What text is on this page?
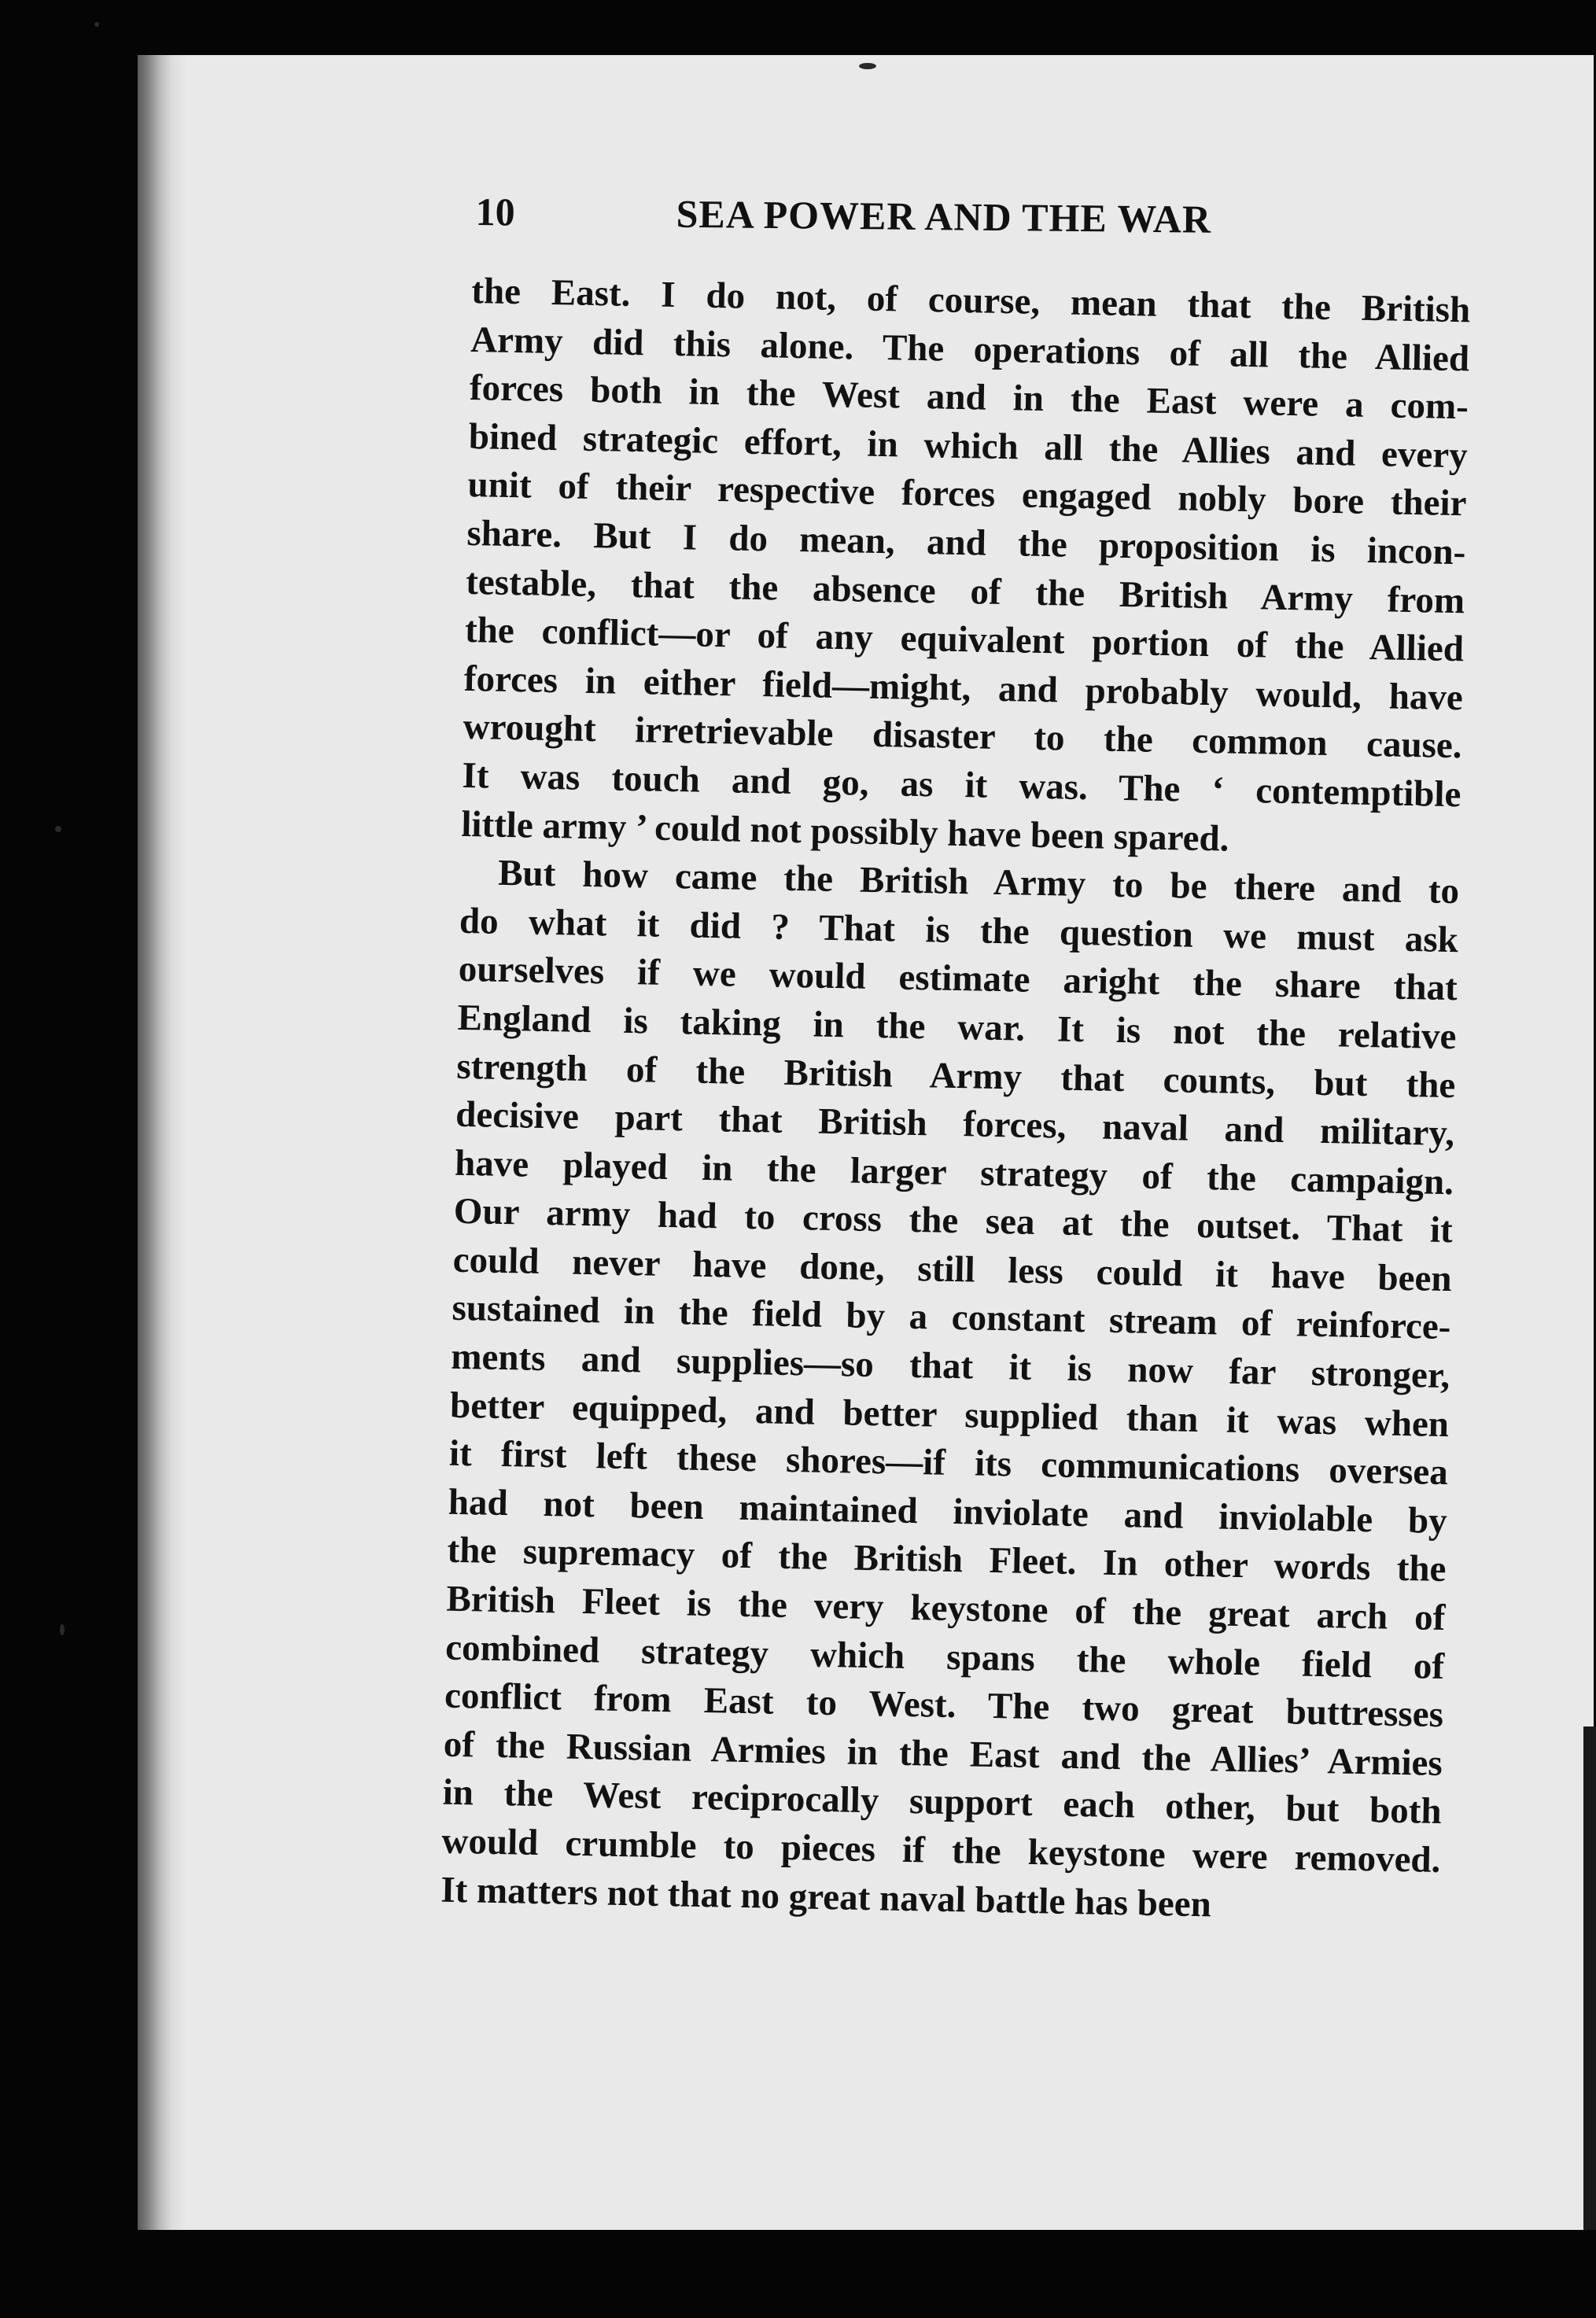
10	SEA POWER AND THE WAR
the East. I do not, of course, mean that the British
Army did this alone. The operations of all the Allied
forces both in the West and in the East were a com-
bined strategic effort, in which all the Allies and every
unit of their respective forces engaged nobly bore their
share. But I do mean, and the proposition is incon-
testable, that the absence of the British Army from
the conflict—or of any equivalent portion of the Allied
forces in either field—might, and probably would, have
wrought irretrievable disaster to the common cause.
It was touch and go, as it was. The ‘ contemptible
little army ’ could not possibly have been spared.
But how came the British Army to be there and to
do what it did ? That is the question we must ask
ourselves if we would estimate aright the share that
England is taking in the war. It is not the relative
strength of the British Army that counts, but the
decisive part that British forces, naval and military,
have played in the larger strategy of the campaign.
Our army had to cross the sea at the outset. That it
could never have done, still less could it have been
sustained in the field by a constant stream of reinforce-
ments and supplies—so that it is now far stronger,
better equipped, and better supplied than it was when
it first left these shores—if its communications oversea
had not been maintained inviolate and inviolable by
the supremacy of the British Fleet. In other words the
British Fleet is the very keystone of the great arch of
combined strategy which spans the whole field of
conflict from East to West. The two great buttresses
of the Russian Armies in the East and the Allies’ Armies
in the West reciprocally support each other, but both
would crumble to pieces if the keystone were removed.
It matters not that no great naval battle has been
